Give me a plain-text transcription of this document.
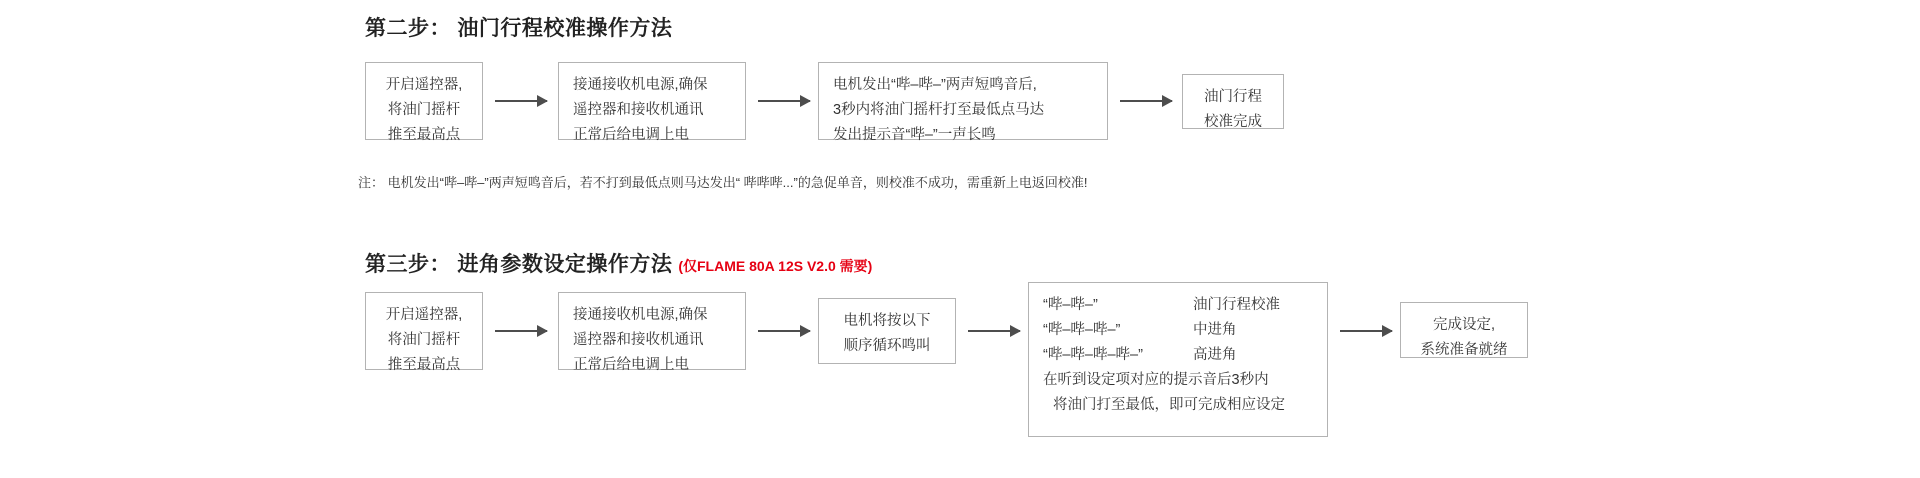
第二步： 油门行程校准操作方法
开启遥控器,
将油门摇杆
推至最高点
接通接收机电源,确保
遥控器和接收机通讯
正常后给电调上电
电机发出“哔–哔–”两声短鸣音后,
3秒内将油门摇杆打至最低点马达
发出提示音“哔–”一声长鸣
油门行程
校准完成
注： 电机发出“哔–哔–”两声短鸣音后，若不打到最低点则马达发出“ 哔哔哔...”的急促单音，则校准不成功，需重新上电返回校准!
第三步： 进角参数设定操作方法 (仅FLAME 80A 12S V2.0 需要)
开启遥控器,
将油门摇杆
推至最高点
接通接收机电源,确保
遥控器和接收机通讯
正常后给电调上电
电机将按以下
顺序循环鸣叫
“哔–哔–”	油门行程校准
“哔–哔–哔–”	中进角
“哔–哔–哔–哔–”	高进角
在听到设定项对应的提示音后3秒内
将油门打至最低，即可完成相应设定
完成设定,
系统准备就绪
